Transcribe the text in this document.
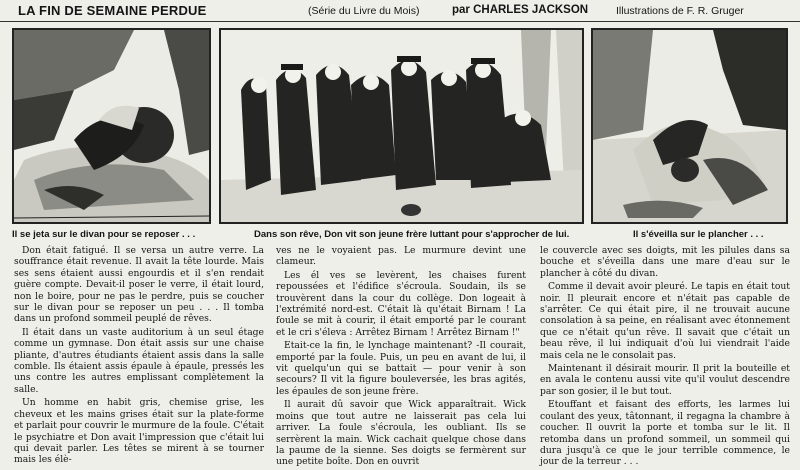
LA FIN DE SEMAINE PERDUE	(Série du Livre du Mois)	par CHARLES JACKSON	Illustrations de F. R. Gruger
Il se jeta sur le divan pour se reposer . . .	Dans son rêve, Don vit son jeune frère luttant pour s'approcher de lui.	Il s'éveilla sur le plancher . . .

Don était fatigué. Il se versa un autre verre. La souffrance était revenue. Il avait la tête lourde. Mais ses sens étaient aussi engourdis et il s'en rendait guère compte. Devait-il poser le verre, il était lourd, non le boire, pour ne pas le perdre, puis se coucher sur le divan pour se reposer un peu . . . Il tomba dans un profond sommeil peuplé de rêves.

Il était dans un vaste auditorium à un seul étage comme un gymnase. Don était assis sur une chaise pliante, d'autres étudiants étaient assis dans la salle comble. Ils étaient assis épaule à épaule, pressés les uns contre les autres emplissant complètement la salle.

Un homme en habit gris, chemise grise, les cheveux et les mains grises était sur la plate-forme et parlait pour couvrir le murmure de la foule. C'était le psychiatre et Don avait l'impression que c'était lui qui devait parler. Les têtes se mirent à se tourner mais les élè-

ves ne le voyaient pas. Le murmure devint une clameur.

Les él ves se levèrent, les chaises furent repoussées et l'édifice s'écroula. Soudain, ils se trouvèrent dans la cour du collège. Don logeait à l'extrémité nord-est. C'était là qu'était Birnam ! La foule se mit à courir, il était emporté par le courant et le cri s'éleva : Arrêtez Birnam ! Arrêtez Birnam !"

Etait-ce la fin, le lynchage maintenant? -Il courait, emporté par la foule. Puis, un peu en avant de lui, il vit quelqu'un qui se battait — pour venir à son secours? Il vit la figure bouleversée, les bras agités, les épaules de son jeune frère.

Il aurait dû savoir que Wick apparaîtrait. Wick moins que tout autre ne laisserait pas cela lui arriver. La foule s'écroula, les oubliant. Ils se serrèrent la main. Wick cachait quelque chose dans la paume de la sienne. Ses doigts se fermèrent sur une petite boîte. Don en ouvrit

le couvercle avec ses doigts, mit les pilules dans sa bouche et s'éveilla dans une mare d'eau sur le plancher à côté du divan.

Comme il devait avoir pleuré. Le tapis en était tout noir. Il pleurait encore et n'était pas capable de s'arrêter. Ce qui était pire, il ne trouvait aucune consolation à sa peine, en réalisant avec étonnement que ce n'était qu'un rêve. Il savait que c'était un beau rêve, il lui indiquait d'où lui viendrait l'aide mais cela ne le consolait pas.

Maintenant il désirait mourir. Il prit la bouteille et en avala le contenu aussi vite qu'il voulut descendre par son gosier, il le but tout.

Etouffant et faisant des efforts, les larmes lui coulant des yeux, tâtonnant, il regagna la chambre à coucher. Il ouvrit la porte et tomba sur le lit. Il retomba dans un profond sommeil, un sommeil qui dura jusqu'à ce que le jour terrible commence, le jour de la terreur . . .
